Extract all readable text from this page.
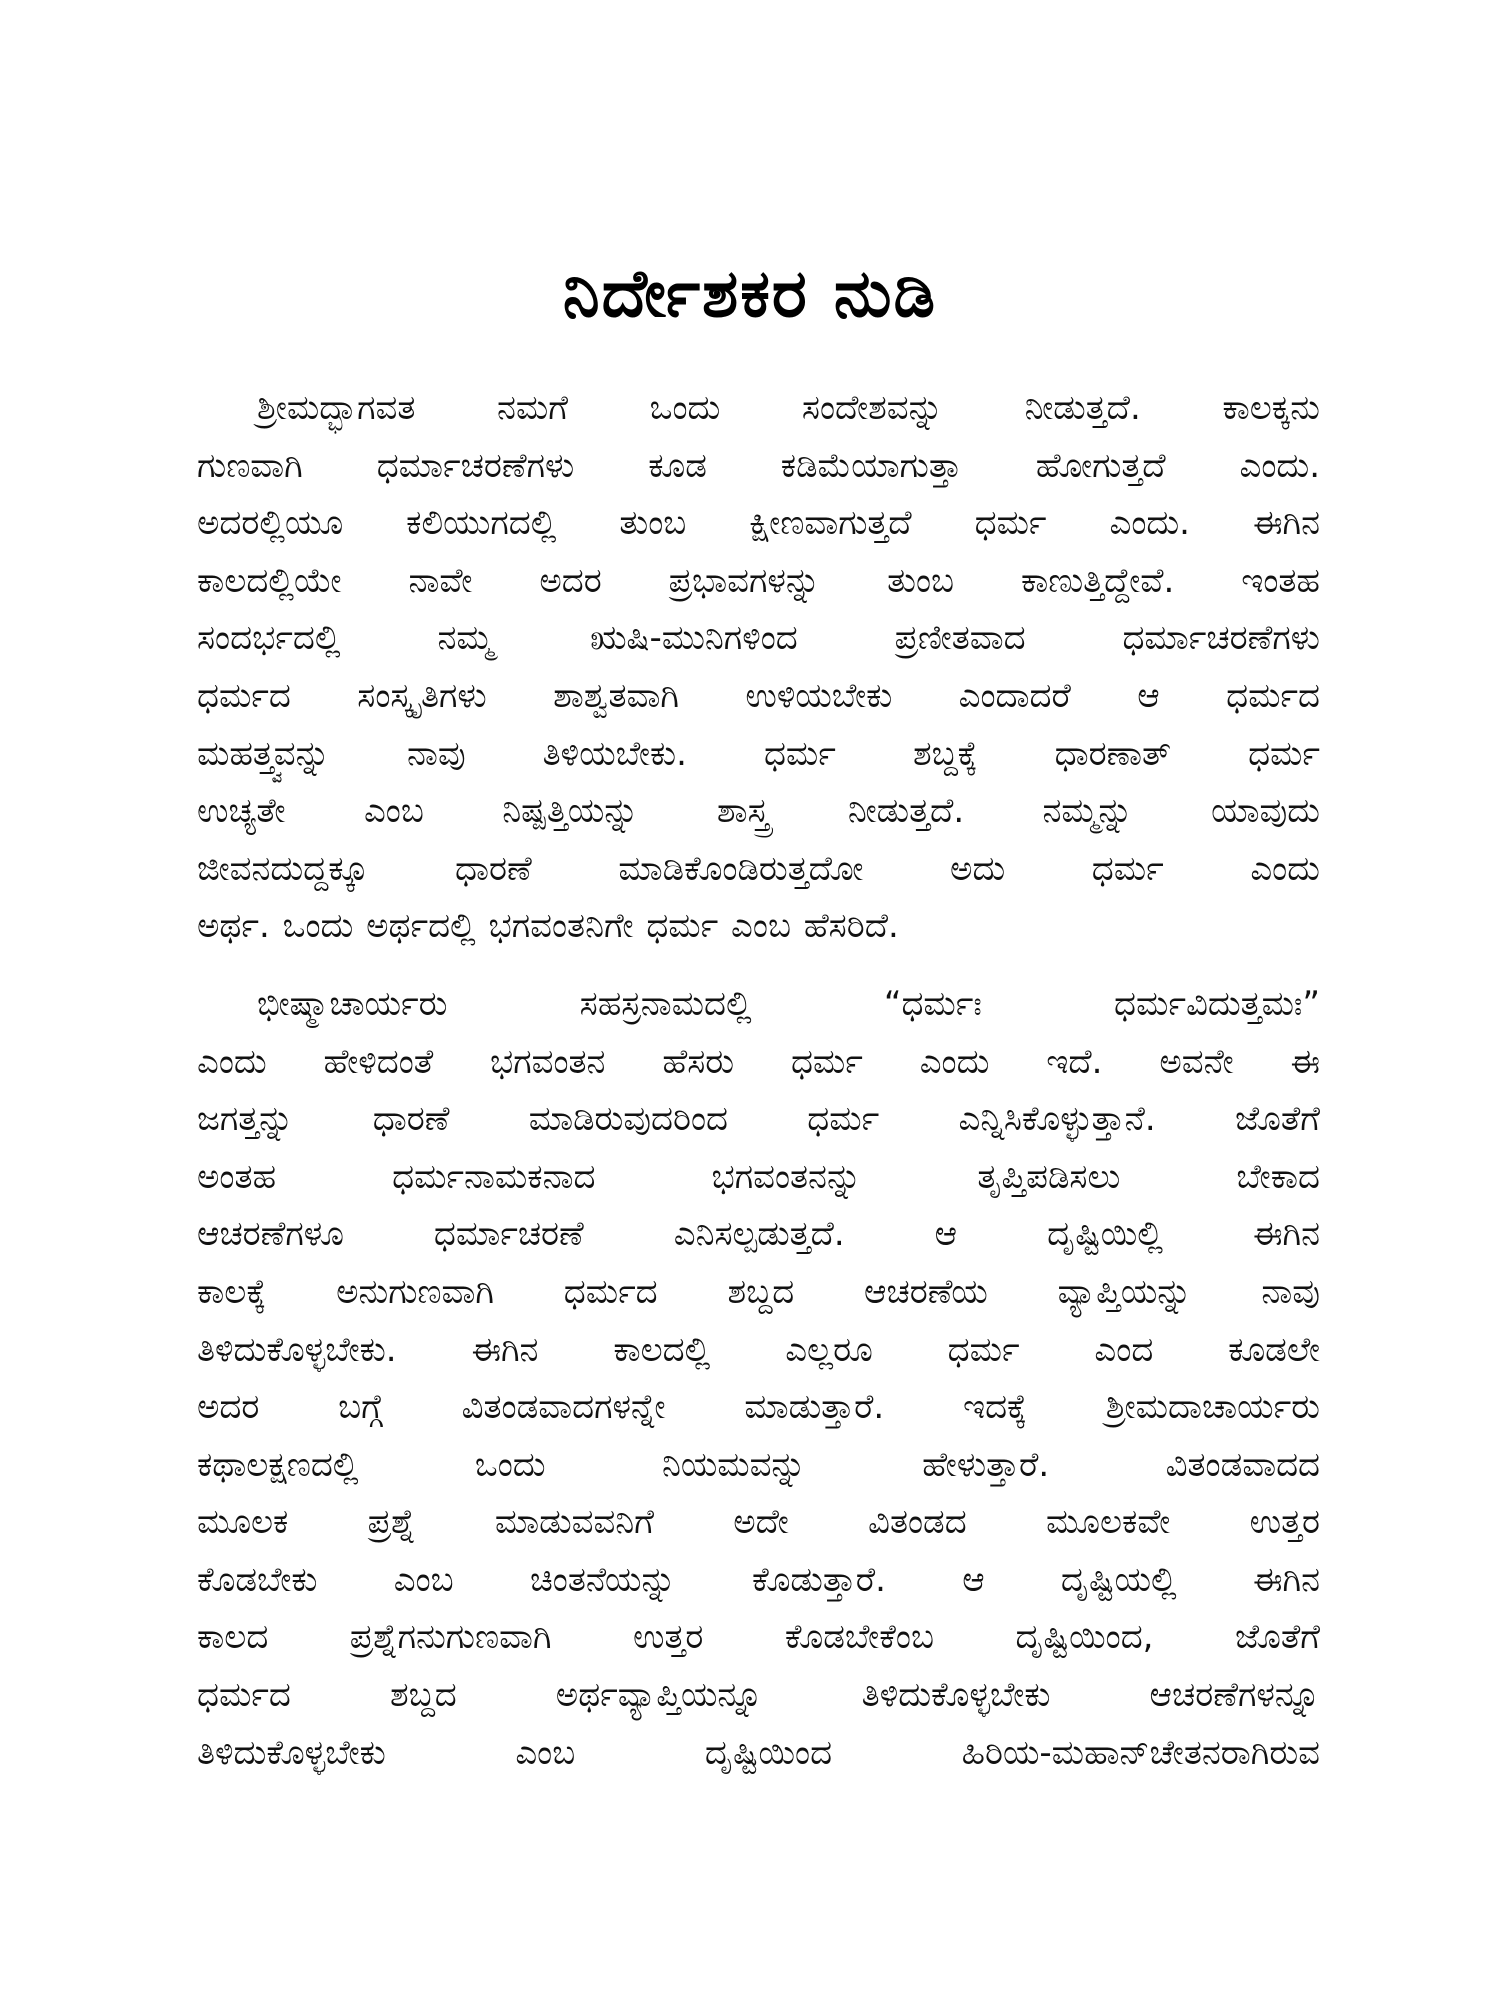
ನಿರ್ದೇಶಕರ ನುಡಿ

ಶ್ರೀಮದ್ಭಾಗವತ ನಮಗೆ ಒಂದು ಸಂದೇಶವನ್ನು ನೀಡುತ್ತದೆ. ಕಾಲಕ್ಕನು
ಗುಣವಾಗಿ ಧರ್ಮಾಚರಣೆಗಳು ಕೂಡ ಕಡಿಮೆಯಾಗುತ್ತಾ ಹೋಗುತ್ತದೆ ಎಂದು.
ಅದರಲ್ಲಿಯೂ ಕಲಿಯುಗದಲ್ಲಿ ತುಂಬ ಕ್ಷೀಣವಾಗುತ್ತದೆ ಧರ್ಮ ಎಂದು. ಈಗಿನ
ಕಾಲದಲ್ಲಿಯೇ ನಾವೇ ಅದರ ಪ್ರಭಾವಗಳನ್ನು ತುಂಬ ಕಾಣುತ್ತಿದ್ದೇವೆ. ಇಂತಹ
ಸಂದರ್ಭದಲ್ಲಿ ನಮ್ಮ ಋಷಿ-ಮುನಿಗಳಿಂದ ಪ್ರಣೀತವಾದ ಧರ್ಮಾಚರಣೆಗಳು
ಧರ್ಮದ ಸಂಸ್ಕೃತಿಗಳು ಶಾಶ್ವತವಾಗಿ ಉಳಿಯಬೇಕು ಎಂದಾದರೆ ಆ ಧರ್ಮದ
ಮಹತ್ತ್ವವನ್ನು ನಾವು ತಿಳಿಯಬೇಕು. ಧರ್ಮ ಶಬ್ದಕ್ಕೆ ಧಾರಣಾತ್ ಧರ್ಮ
ಉಚ್ಯತೇ ಎಂಬ ನಿಷ್ಪತ್ತಿಯನ್ನು ಶಾಸ್ತ್ರ ನೀಡುತ್ತದೆ. ನಮ್ಮನ್ನು ಯಾವುದು
ಜೀವನದುದ್ದಕ್ಕೂ ಧಾರಣೆ ಮಾಡಿಕೊಂಡಿರುತ್ತದೋ ಅದು ಧರ್ಮ ಎಂದು
ಅರ್ಥ. ಒಂದು ಅರ್ಥದಲ್ಲಿ ಭಗವಂತನಿಗೇ ಧರ್ಮ ಎಂಬ ಹೆಸರಿದೆ.

ಭೀಷ್ಮಾಚಾರ್ಯರು ಸಹಸ್ರನಾಮದಲ್ಲಿ “ಧರ್ಮಃ ಧರ್ಮವಿದುತ್ತಮಃ”
ಎಂದು ಹೇಳಿದಂತೆ ಭಗವಂತನ ಹೆಸರು ಧರ್ಮ ಎಂದು ಇದೆ. ಅವನೇ ಈ
ಜಗತ್ತನ್ನು ಧಾರಣೆ ಮಾಡಿರುವುದರಿಂದ ಧರ್ಮ ಎನ್ನಿಸಿಕೊಳ್ಳುತ್ತಾನೆ. ಜೊತೆಗೆ
ಅಂತಹ ಧರ್ಮನಾಮಕನಾದ ಭಗವಂತನನ್ನು ತೃಪ್ತಿಪಡಿಸಲು ಬೇಕಾದ
ಆಚರಣೆಗಳೂ ಧರ್ಮಾಚರಣೆ ಎನಿಸಲ್ಪಡುತ್ತದೆ. ಆ ದೃಷ್ಟಿಯಿಲ್ಲಿ ಈಗಿನ
ಕಾಲಕ್ಕೆ ಅನುಗುಣವಾಗಿ ಧರ್ಮದ ಶಬ್ದದ ಆಚರಣೆಯ ವ್ಯಾಪ್ತಿಯನ್ನು ನಾವು
ತಿಳಿದುಕೊಳ್ಳಬೇಕು. ಈಗಿನ ಕಾಲದಲ್ಲಿ ಎಲ್ಲರೂ ಧರ್ಮ ಎಂದ ಕೂಡಲೇ
ಅದರ ಬಗ್ಗೆ ವಿತಂಡವಾದಗಳನ್ನೇ ಮಾಡುತ್ತಾರೆ. ಇದಕ್ಕೆ ಶ್ರೀಮದಾಚಾರ್ಯರು
ಕಥಾಲಕ್ಷಣದಲ್ಲಿ ಒಂದು ನಿಯಮವನ್ನು ಹೇಳುತ್ತಾರೆ. ವಿತಂಡವಾದದ
ಮೂಲಕ ಪ್ರಶ್ನೆ ಮಾಡುವವನಿಗೆ ಅದೇ ವಿತಂಡದ ಮೂಲಕವೇ ಉತ್ತರ
ಕೊಡಬೇಕು ಎಂಬ ಚಿಂತನೆಯನ್ನು ಕೊಡುತ್ತಾರೆ. ಆ ದೃಷ್ಟಿಯಲ್ಲಿ ಈಗಿನ
ಕಾಲದ ಪ್ರಶ್ನೆಗನುಗುಣವಾಗಿ ಉತ್ತರ ಕೊಡಬೇಕೆಂಬ ದೃಷ್ಟಿಯಿಂದ, ಜೊತೆಗೆ
ಧರ್ಮದ ಶಬ್ದದ ಅರ್ಥವ್ಯಾಪ್ತಿಯನ್ನೂ ತಿಳಿದುಕೊಳ್ಳಬೇಕು ಆಚರಣೆಗಳನ್ನೂ
ತಿಳಿದುಕೊಳ್ಳಬೇಕು ಎಂಬ ದೃಷ್ಟಿಯಿಂದ ಹಿರಿಯ-ಮಹಾನ್‌ಚೇತನರಾಗಿರುವ
